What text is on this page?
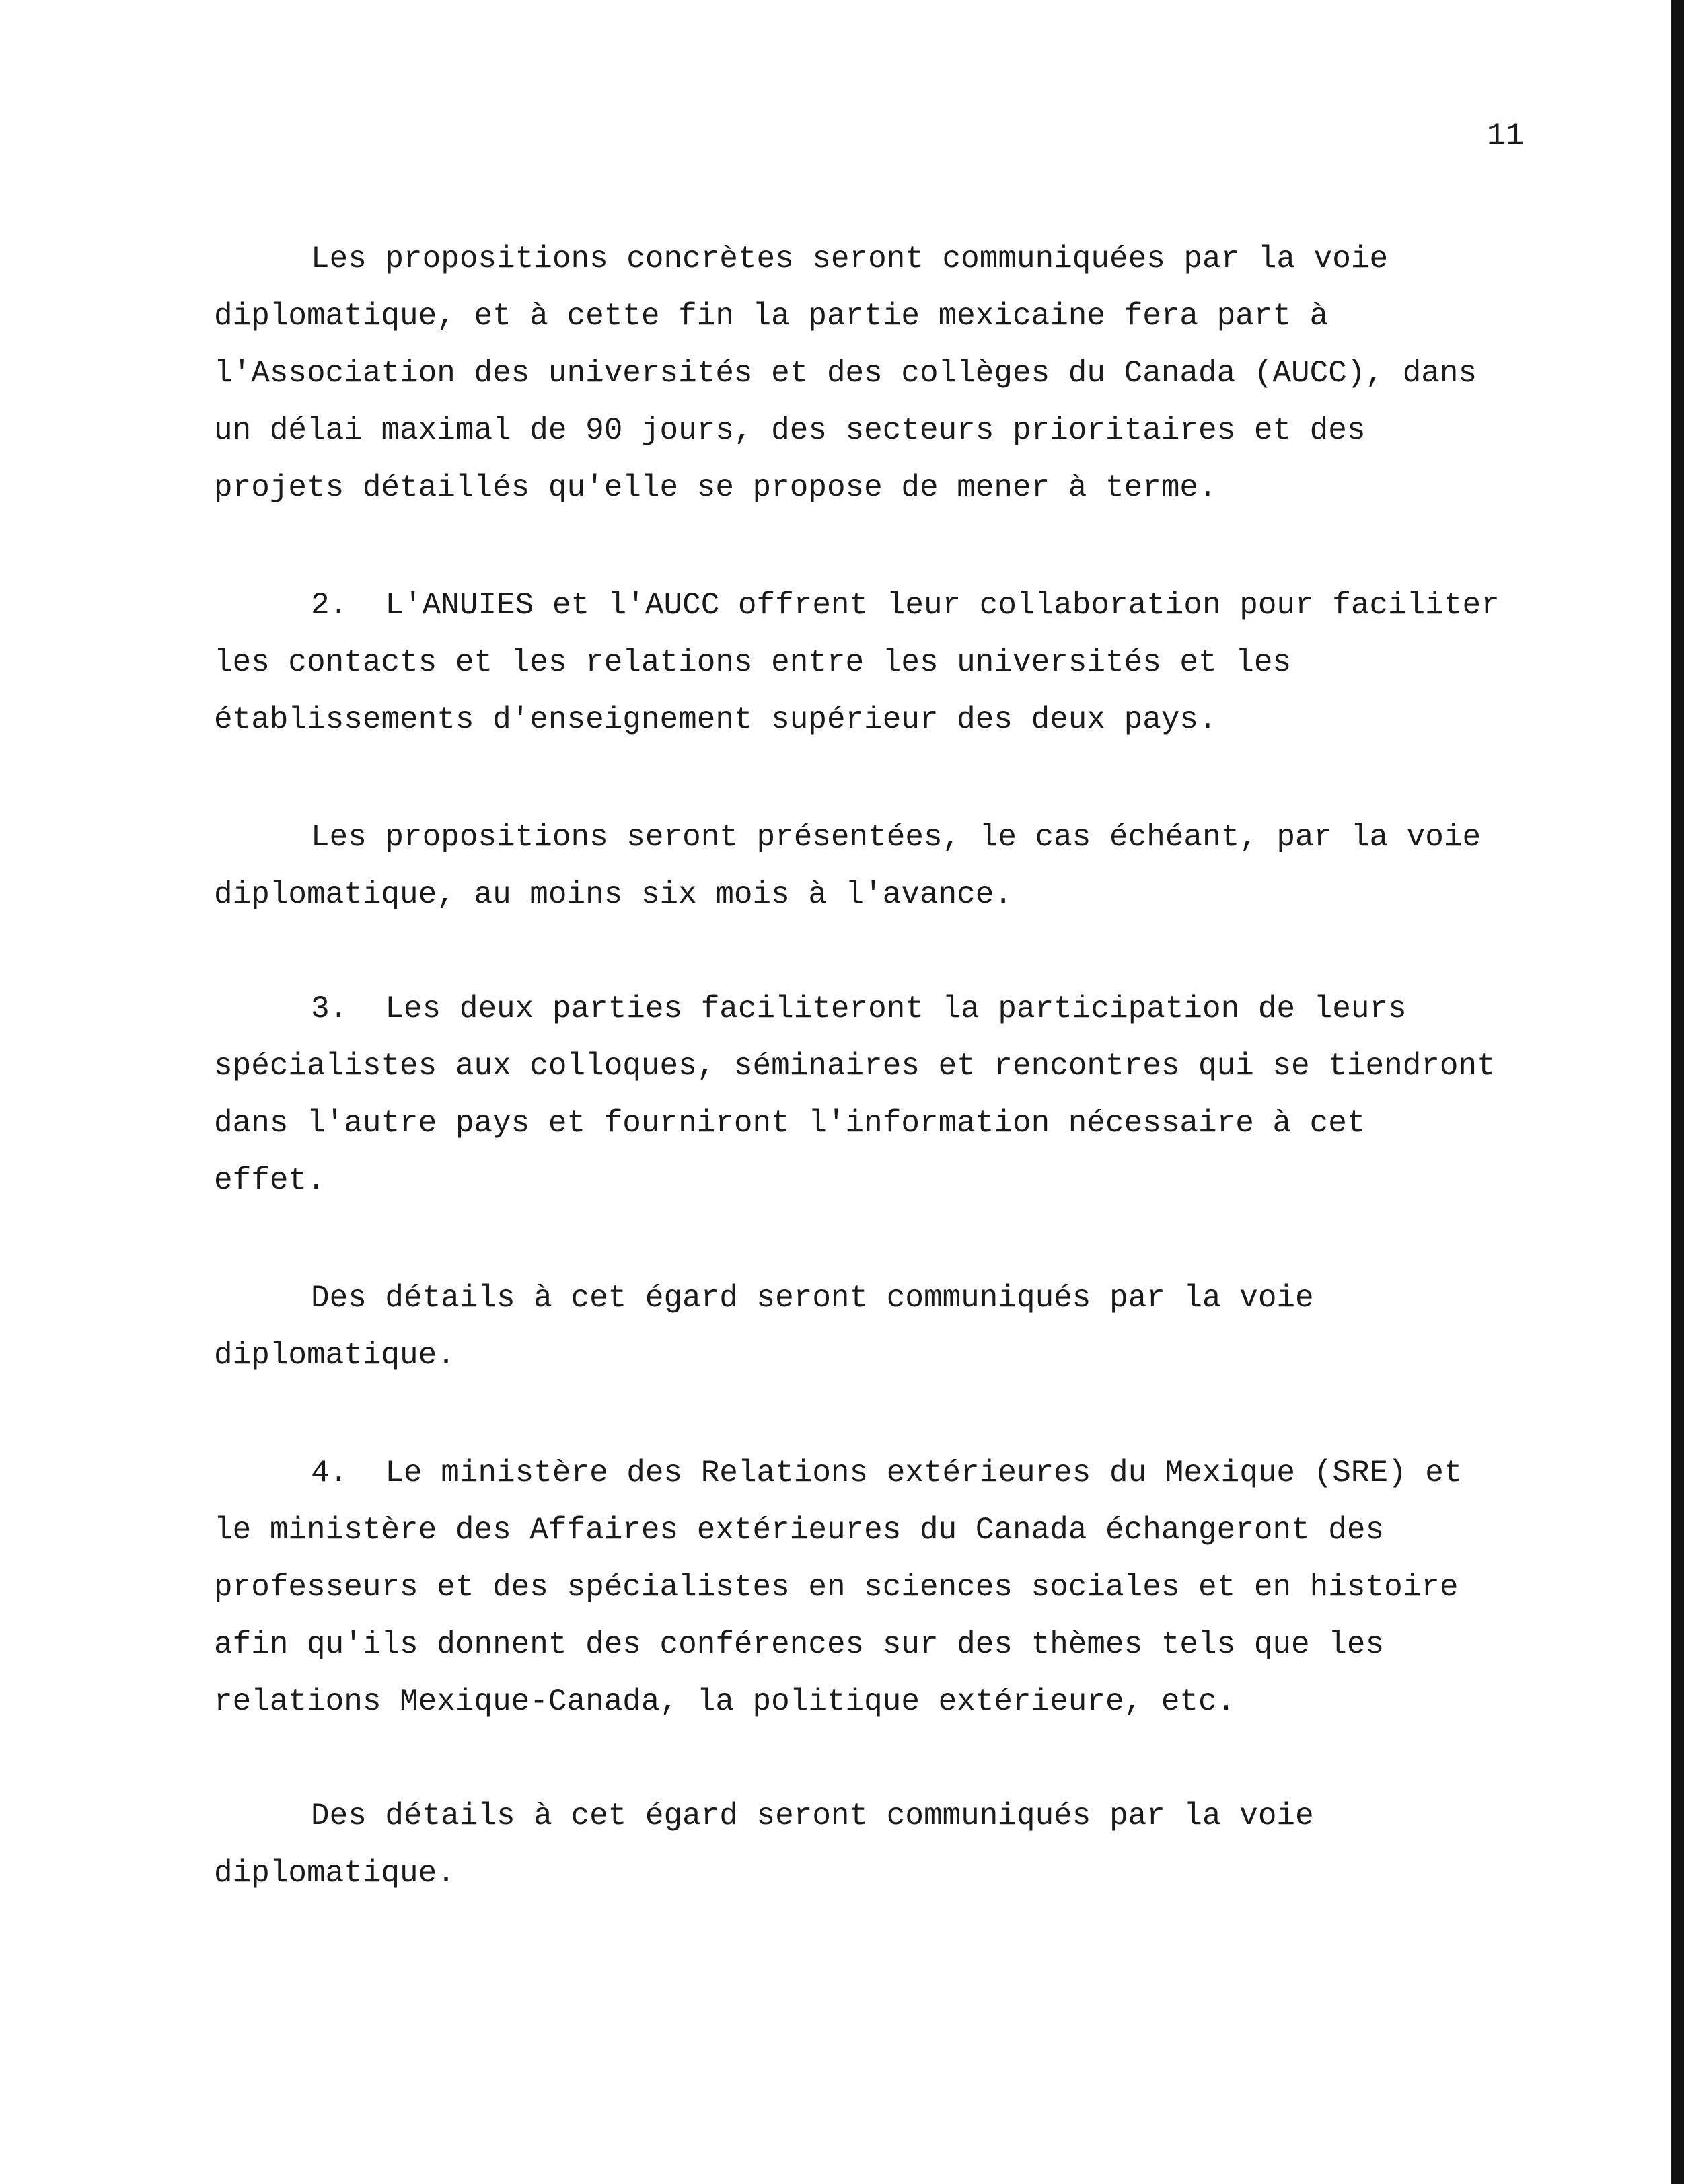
11
Les propositions concrètes seront communiquées par la voie
diplomatique, et à cette fin la partie mexicaine fera part à
l'Association des universités et des collèges du Canada (AUCC), dans
un délai maximal de 90 jours, des secteurs prioritaires et des
projets détaillés qu'elle se propose de mener à terme.
2.  L'ANUIES et l'AUCC offrent leur collaboration pour faciliter
les contacts et les relations entre les universités et les
établissements d'enseignement supérieur des deux pays.
Les propositions seront présentées, le cas échéant, par la voie
diplomatique, au moins six mois à l'avance.
3.  Les deux parties faciliteront la participation de leurs
spécialistes aux colloques, séminaires et rencontres qui se tiendront
dans l'autre pays et fourniront l'information nécessaire à cet
effet.
Des détails à cet égard seront communiqués par la voie
diplomatique.
4.  Le ministère des Relations extérieures du Mexique (SRE) et
le ministère des Affaires extérieures du Canada échangeront des
professeurs et des spécialistes en sciences sociales et en histoire
afin qu'ils donnent des conférences sur des thèmes tels que les
relations Mexique-Canada, la politique extérieure, etc.
Des détails à cet égard seront communiqués par la voie
diplomatique.
